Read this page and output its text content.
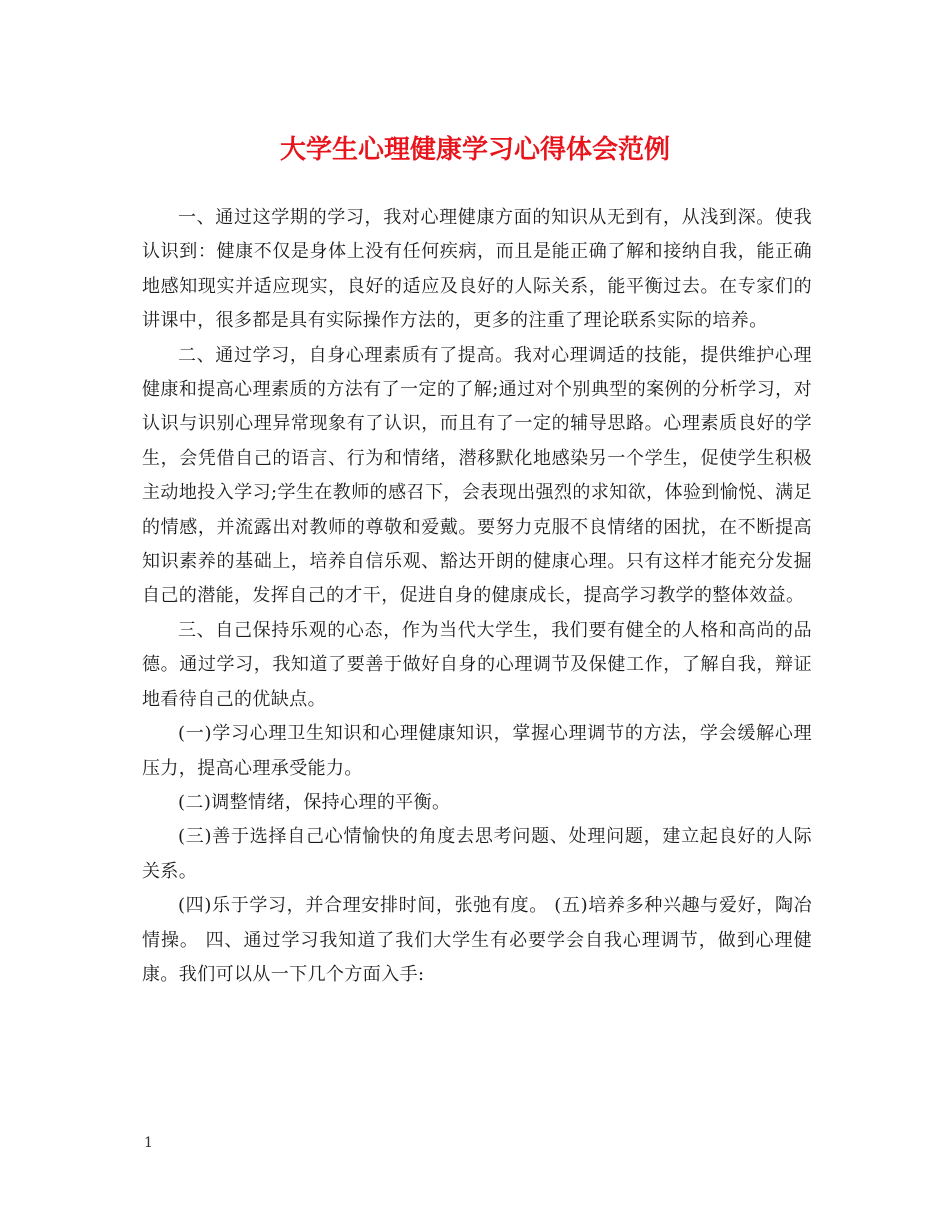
大学生心理健康学习心得体会范例

一、通过这学期的学习，我对心理健康方面的知识从无到有，从浅到深。使我认识到：健康不仅是身体上没有任何疾病，而且是能正确了解和接纳自我，能正确地感知现实并适应现实，良好的适应及良好的人际关系，能平衡过去。在专家们的讲课中，很多都是具有实际操作方法的，更多的注重了理论联系实际的培养。

二、通过学习，自身心理素质有了提高。我对心理调适的技能，提供维护心理健康和提高心理素质的方法有了一定的了解;通过对个别典型的案例的分析学习，对认识与识别心理异常现象有了认识，而且有了一定的辅导思路。心理素质良好的学生，会凭借自己的语言、行为和情绪，潜移默化地感染另一个学生，促使学生积极主动地投入学习;学生在教师的感召下，会表现出强烈的求知欲，体验到愉悦、满足的情感，并流露出对教师的尊敬和爱戴。要努力克服不良情绪的困扰，在不断提高知识素养的基础上，培养自信乐观、豁达开朗的健康心理。只有这样才能充分发掘自己的潜能，发挥自己的才干，促进自身的健康成长，提高学习教学的整体效益。

三、自己保持乐观的心态，作为当代大学生，我们要有健全的人格和高尚的品德。通过学习，我知道了要善于做好自身的心理调节及保健工作，了解自我，辩证地看待自己的优缺点。

(一)学习心理卫生知识和心理健康知识，掌握心理调节的方法，学会缓解心理压力，提高心理承受能力。

(二)调整情绪，保持心理的平衡。

(三)善于选择自己心情愉快的角度去思考问题、处理问题，建立起良好的人际关系。

(四)乐于学习，并合理安排时间，张弛有度。 (五)培养多种兴趣与爱好，陶冶情操。 四、通过学习我知道了我们大学生有必要学会自我心理调节，做到心理健康。我们可以从一下几个方面入手:

1
